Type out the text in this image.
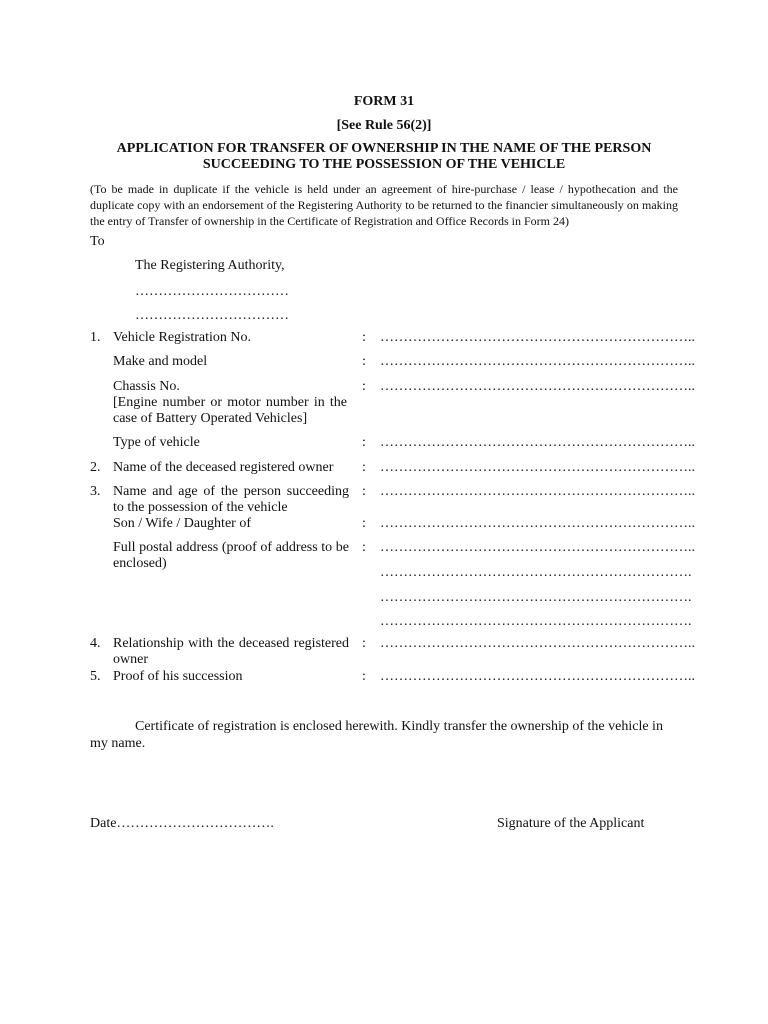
FORM 31
[See Rule 56(2)]
APPLICATION FOR TRANSFER OF OWNERSHIP IN THE NAME OF THE PERSON
SUCCEEDING TO THE POSSESSION OF THE VEHICLE
(To be made in duplicate if the vehicle is held under an agreement of hire-purchase / lease / hypothecation and the duplicate copy with an endorsement of the Registering Authority to be returned to the financier simultaneously on making the entry of Transfer of ownership in the Certificate of Registration and Office Records in Form 24)
To
The Registering Authority,
……………………………
……………………………
1. Vehicle Registration No.	: …………………………………………………………..
Make and model	: …………………………………………………………..
Chassis No.
[Engine number or motor number in the case of Battery Operated Vehicles]
: …………………………………………………………..
Type of vehicle	: …………………………………………………………..
2. Name of the deceased registered owner : …………………………………………………………..
3. Name and age of the person succeeding to the possession of the vehicle
: …………………………………………………………..
Son / Wife / Daughter of	: …………………………………………………………..
Full postal address (proof of address to be enclosed)
: …………………………………………………………..
………………………………………………………….
………………………………………………………….
………………………………………………………….
4. Relationship with the deceased registered owner
: …………………………………………………………..
5. Proof of his succession	: …………………………………………………………..
Certificate of registration is enclosed herewith. Kindly transfer the ownership of the vehicle in my name.
Date…………………………….	Signature of the Applicant
